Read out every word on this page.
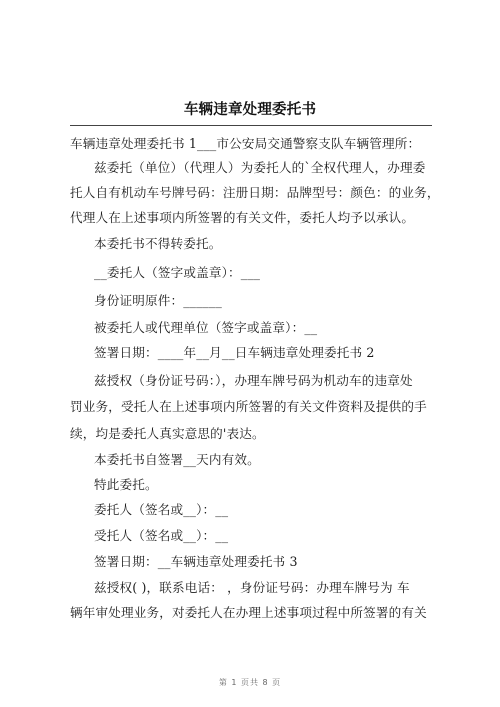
车辆违章处理委托书
车辆违章处理委托书 1___市公安局交通警察支队车辆管理所：
兹委托（单位）（代理人）为委托人的`全权代理人，办理委
托人自有机动车号牌号码：注册日期：品牌型号：颜色：的业务，
代理人在上述事项内所签署的有关文件，委托人均予以承认。
本委托书不得转委托。
__委托人（签字或盖章）：___
身份证明原件：______
被委托人或代理单位（签字或盖章）：__
签署日期：____年__月__日车辆违章处理委托书 2
兹授权（身份证号码：），办理车牌号码为机动车的违章处
罚业务，受托人在上述事项内所签署的有关文件资料及提供的手
续，均是委托人真实意思的'表达。
本委托书自签署__天内有效。
特此委托。
委托人（签名或__）：__
受托人（签名或__）：__
签署日期：__车辆违章处理委托书 3
兹授权( )，联系电话： ，身份证号码：办理车牌号为 车
辆年审处理业务，对委托人在办理上述事项过程中所签署的有关
第 1 页共 8 页
